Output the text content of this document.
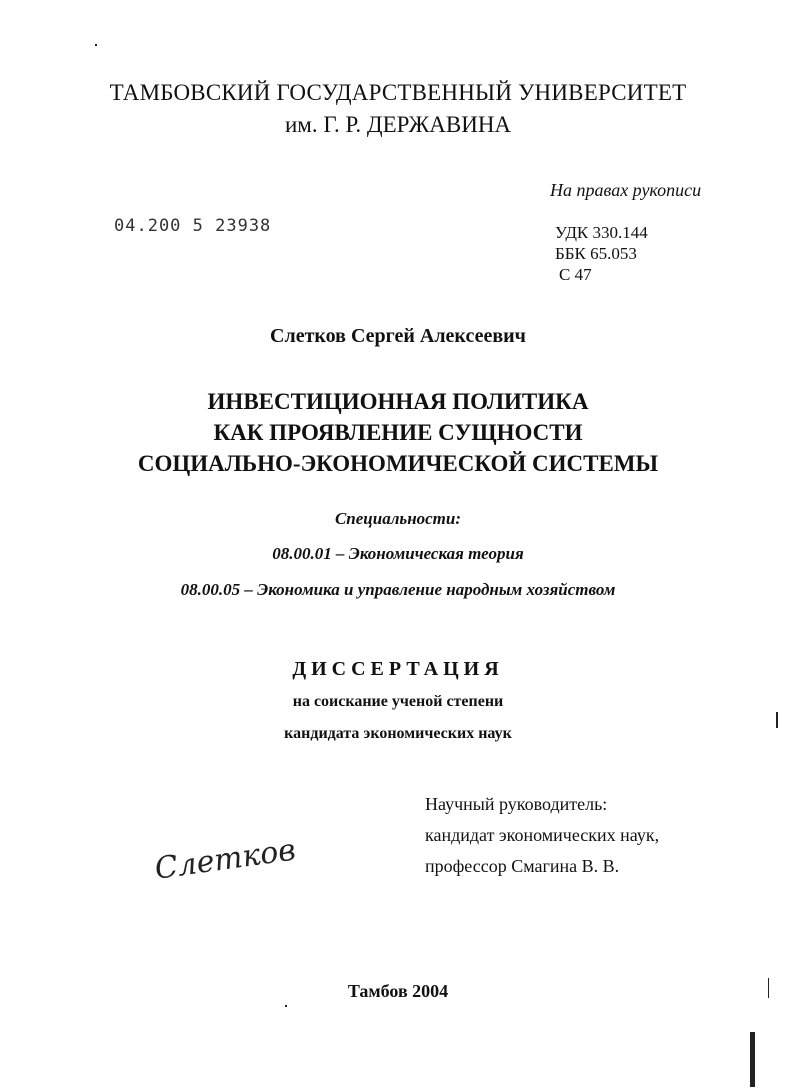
ТАМБОВСКИЙ ГОСУДАРСТВЕННЫЙ УНИВЕРСИТЕТ
им. Г. Р. ДЕРЖАВИНА
На правах рукописи
04.200 5 23938	УДК 330.144
ББК 65.053
С 47
Слетков Сергей Алексеевич
ИНВЕСТИЦИОННАЯ ПОЛИТИКА
КАК ПРОЯВЛЕНИЕ СУЩНОСТИ
СОЦИАЛЬНО-ЭКОНОМИЧЕСКОЙ СИСТЕМЫ
Специальности:
08.00.01 – Экономическая теория
08.00.05 – Экономика и управление народным хозяйством
ДИССЕРТАЦИЯ
на соискание ученой степени
кандидата экономических наук
Научный руководитель:
кандидат экономических наук,
профессор Смагина В. В.
Слетков
Тамбов 2004
